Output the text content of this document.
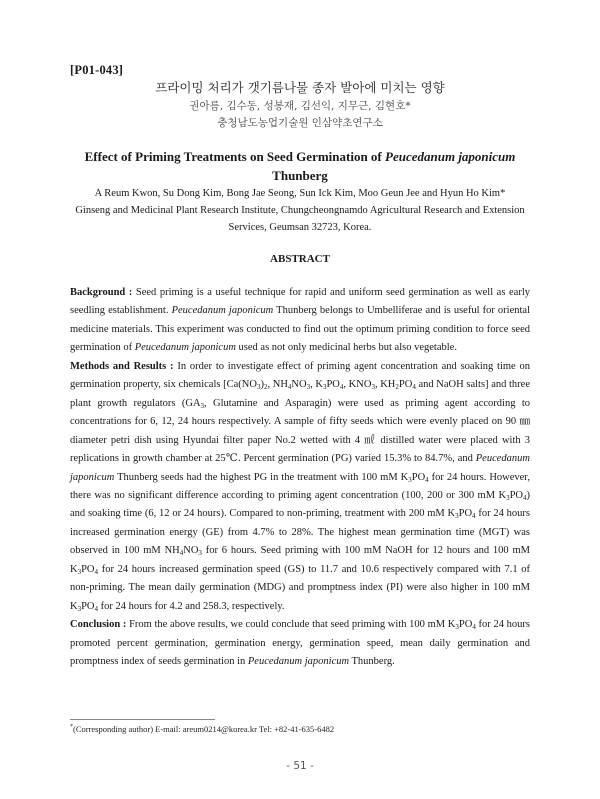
[P01-043]
프라이밍 처리가 갯기름나물 종자 발아에 미치는 영향
권아름, 김수동, 성봉재, 김선익, 지무근, 김현호*
충청남도농업기술원 인삼약초연구소
Effect of Priming Treatments on Seed Germination of Peucedanum japonicum
Thunberg
A Reum Kwon, Su Dong Kim, Bong Jae Seong, Sun Ick Kim, Moo Geun Jee and Hyun Ho Kim*
Ginseng and Medicinal Plant Research Institute, Chungcheongnamdo Agricultural Research and Extension Services, Geumsan 32723, Korea.
ABSTRACT

Background : Seed priming is a useful technique for rapid and uniform seed germination as well as early seedling establishment. Peucedanum japonicum Thunberg belongs to Umbelliferae and is useful for oriental medicine materials. This experiment was conducted to find out the optimum priming condition to force seed germination of Peucedanum japonicum used as not only medicinal herbs but also vegetable.

Methods and Results : In order to investigate effect of priming agent concentration and soaking time on germination property, six chemicals [$Ca(NO_3)_2$, $NH_4NO_3$, $K_3PO_4$, $KNO_3$, $KH_2PO_4$ and NaOH salts] and three plant growth regulators ($GA_3$, Glutamine and Asparagin) were used as priming agent according to concentrations for 6, 12, 24 hours respectively. A sample of fifty seeds which were evenly placed on 90 ㎜ diameter petri dish using Hyundai filter paper No.2 wetted with 4 ㎖ distilled water were placed with 3 replications in growth chamber at 25℃. Percent germination (PG) varied 15.3% to 84.7%, and Peucedanum japonicum Thunberg seeds had the highest PG in the treatment with 100 mM $K_3PO_4$ for 24 hours. However, there was no significant difference according to priming agent concentration (100, 200 or 300 mM $K_3PO_4$) and soaking time (6, 12 or 24 hours). Compared to non-priming, treatment with 200 mM $K_3PO_4$ for 24 hours increased germination energy (GE) from 4.7% to 28%. The highest mean germination time (MGT) was observed in 100 mM $NH_4NO_3$ for 6 hours. Seed priming with 100 mM NaOH for 12 hours and 100 mM $K_3PO_4$ for 24 hours increased germination speed (GS) to 11.7 and 10.6 respectively compared with 7.1 of non-priming. The mean daily germination (MDG) and promptness index (PI) were also higher in 100 mM $K_3PO_4$ for 24 hours for 4.2 and 258.3, respectively.

Conclusion : From the above results, we could conclude that seed priming with 100 mM $K_3PO_4$ for 24 hours promoted percent germination, germination energy, germination speed, mean daily germination and promptness index of seeds germination in Peucedanum japonicum Thunberg.

*(Corresponding author) E-mail: areum0214@korea.kr Tel: +82-41-635-6482
- 51 -
